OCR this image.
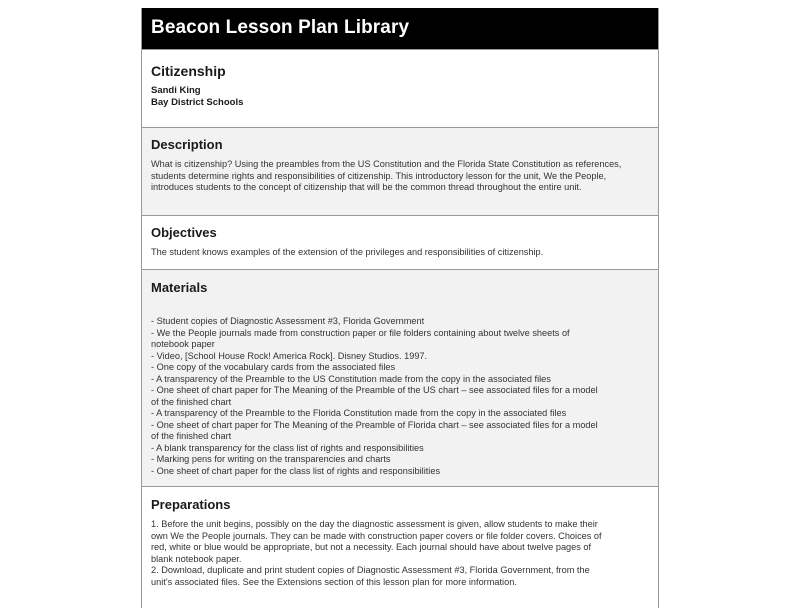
Beacon Lesson Plan Library
Citizenship
Sandi King
Bay District Schools
Description

What is citizenship? Using the preambles from the US Constitution and the Florida State Constitution as references, students determine rights and responsibilities of citizenship. This introductory lesson for the unit, We the People, introduces students to the concept of citizenship that will be the common thread throughout the entire unit.

Objectives

The student knows examples of the extension of the privileges and responsibilities of citizenship.

Materials
- Student copies of Diagnostic Assessment #3, Florida Government
- We the People journals made from construction paper or file folders containing about twelve sheets of
notebook paper
- Video, [School House Rock! America Rock]. Disney Studios. 1997.
- One copy of the vocabulary cards from the associated files
- A transparency of the Preamble to the US Constitution made from the copy in the associated files
- One sheet of chart paper for The Meaning of the Preamble of the US chart – see associated files for a model
of the finished chart
- A transparency of the Preamble to the Florida Constitution made from the copy in the associated files
- One sheet of chart paper for The Meaning of the Preamble of Florida chart – see associated files for a model
of the finished chart
- A blank transparency for the class list of rights and responsibilities
- Marking pens for writing on the transparencies and charts
- One sheet of chart paper for the class list of rights and responsibilities
Preparations
1. Before the unit begins, possibly on the day the diagnostic assessment is given, allow students to make their
own We the People journals. They can be made with construction paper covers or file folder covers. Choices of
red, white or blue would be appropriate, but not a necessity. Each journal should have about twelve pages of
blank notebook paper.
2. Download, duplicate and print student copies of Diagnostic Assessment #3, Florida Government, from the
unit's associated files. See the Extensions section of this lesson plan for more information.
